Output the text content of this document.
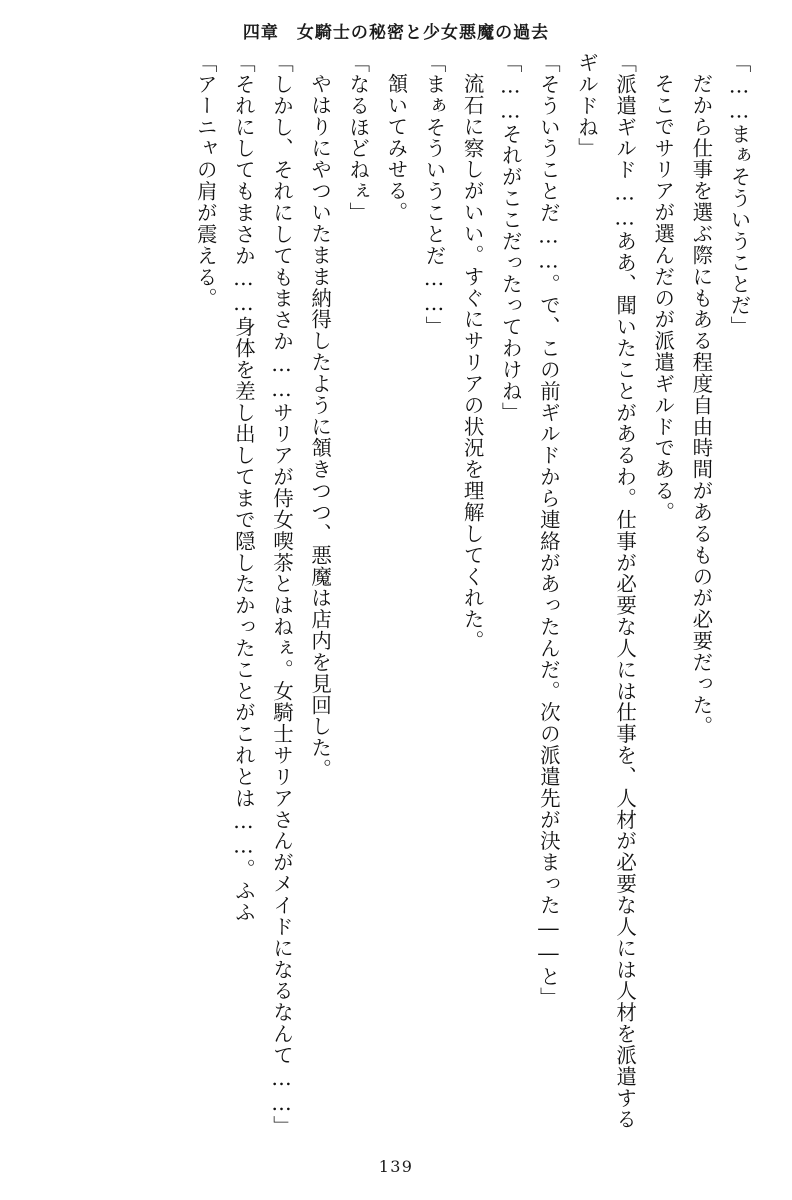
四章 女騎士の秘密と少女悪魔の過去

「……まぁそういうことだ」

だから仕事を選ぶ際にもある程度自由時間があるものが必要だった。

そこでサリアが選んだのが派遣ギルドである。

「派遣ギルド……ああ、聞いたことがあるわ。仕事が必要な人には仕事を、人材が必要な人には人材を派遣するギルドね」

「そういうことだ……。で、この前ギルドから連絡があったんだ。次の派遣先が決まった――と」

「……それがここだったってわけね」

流石に察しがいい。すぐにサリアの状況を理解してくれた。

「まぁそういうことだ……」

頷いてみせる。

「なるほどねぇ」

やはりにやついたまま納得したように頷きつつ、悪魔は店内を見回した。

「しかし、それにしてもまさか……サリアが侍女喫茶とはねぇ。女騎士サリアさんがメイドになるなんて……」

「それにしてもまさか……身体を差し出してまで隠したかったことがこれとは……。ふふ

「アーニャの肩が震える。

139
